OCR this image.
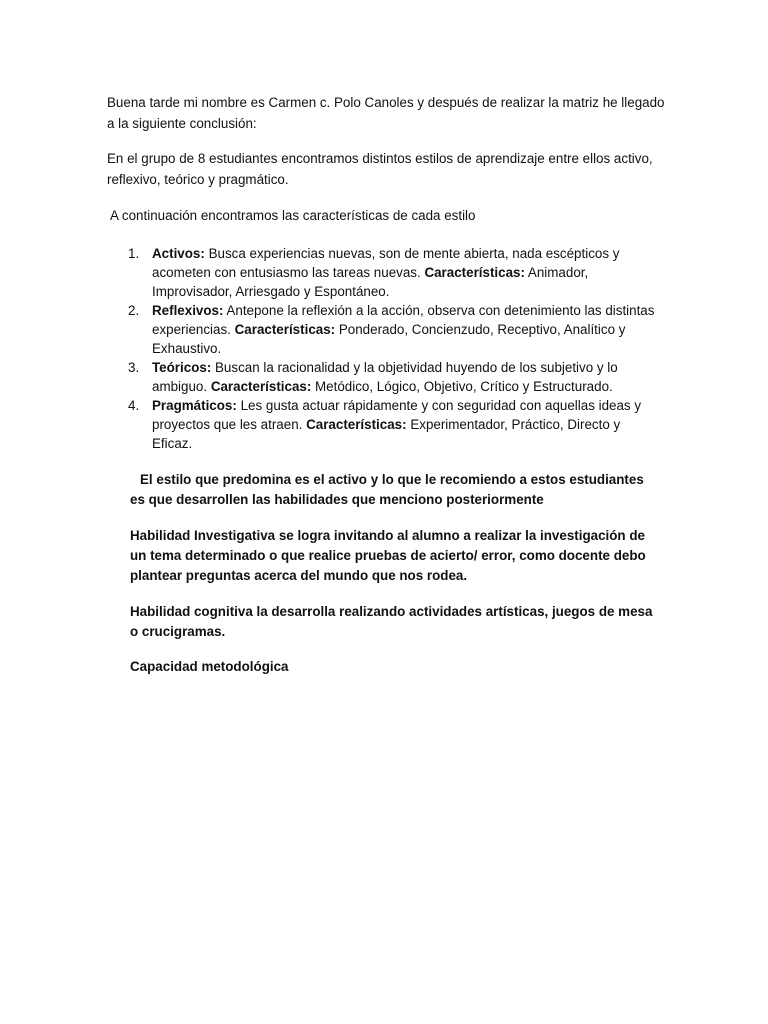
Buena tarde mi nombre es Carmen c. Polo Canoles y después de realizar la matriz he llegado a la siguiente conclusión:

En el grupo de 8 estudiantes encontramos distintos estilos de aprendizaje entre ellos activo, reflexivo, teórico y pragmático.

A continuación encontramos las características de cada estilo

1. Activos: Busca experiencias nuevas, son de mente abierta, nada escépticos y acometen con entusiasmo las tareas nuevas. Características: Animador, Improvisador, Arriesgado y Espontáneo.
2. Reflexivos: Antepone la reflexión a la acción, observa con detenimiento las distintas experiencias. Características: Ponderado, Concienzudo, Receptivo, Analítico y Exhaustivo.
3. Teóricos: Buscan la racionalidad y la objetividad huyendo de los subjetivo y lo ambiguo. Características: Metódico, Lógico, Objetivo, Crítico y Estructurado.
4. Pragmáticos: Les gusta actuar rápidamente y con seguridad con aquellas ideas y proyectos que les atraen. Características: Experimentador, Práctico, Directo y Eficaz.

El estilo que predomina es el activo y lo que le recomiendo a estos estudiantes es que desarrollen las habilidades que menciono posteriormente

Habilidad Investigativa se logra invitando al alumno a realizar la investigación de un tema determinado o que realice pruebas de acierto/ error, como docente debo plantear preguntas acerca del mundo que nos rodea.

Habilidad cognitiva la desarrolla realizando actividades artísticas, juegos de mesa o crucigramas.

Capacidad metodológica
